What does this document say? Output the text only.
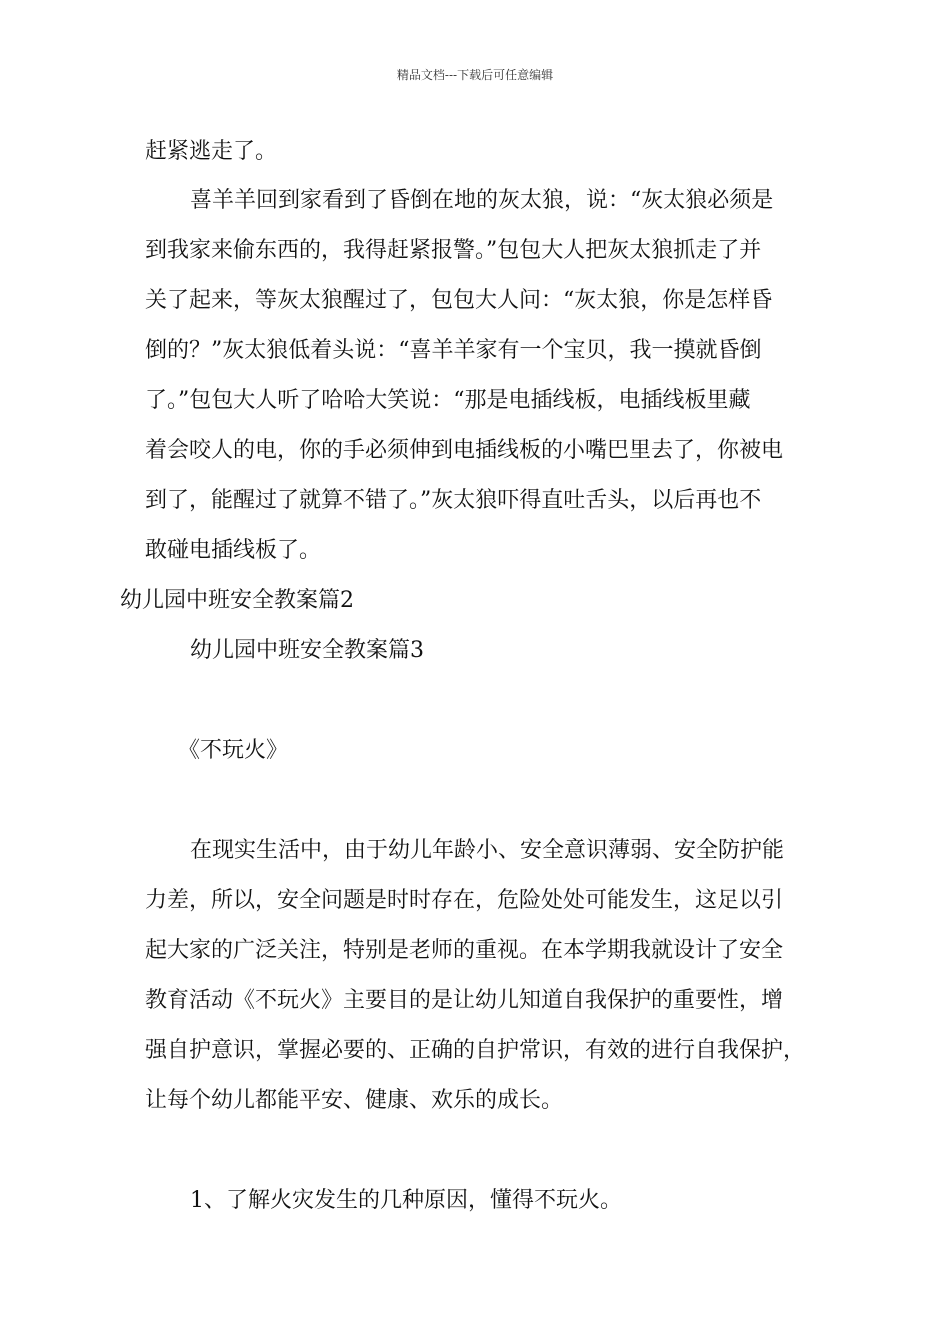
精品文档---下载后可任意编辑
赶紧逃走了。
喜羊羊回到家看到了昏倒在地的灰太狼，说：“灰太狼必须是
到我家来偷东西的，我得赶紧报警。”包包大人把灰太狼抓走了并
关了起来，等灰太狼醒过了，包包大人问：“灰太狼，你是怎样昏
倒的？”灰太狼低着头说：“喜羊羊家有一个宝贝，我一摸就昏倒
了。”包包大人听了哈哈大笑说：“那是电插线板，电插线板里藏
着会咬人的电，你的手必须伸到电插线板的小嘴巴里去了，你被电
到了，能醒过了就算不错了。”灰太狼吓得直吐舌头，以后再也不
敢碰电插线板了。
幼儿园中班安全教案篇2
幼儿园中班安全教案篇3
《不玩火》
在现实生活中，由于幼儿年龄小、安全意识薄弱、安全防护能
力差，所以，安全问题是时时存在，危险处处可能发生，这足以引
起大家的广泛关注，特别是老师的重视。在本学期我就设计了安全
教育活动《不玩火》主要目的是让幼儿知道自我保护的重要性，增
强自护意识，掌握必要的、正确的自护常识，有效的进行自我保护，
让每个幼儿都能平安、健康、欢乐的成长。
1、了解火灾发生的几种原因，懂得不玩火。
